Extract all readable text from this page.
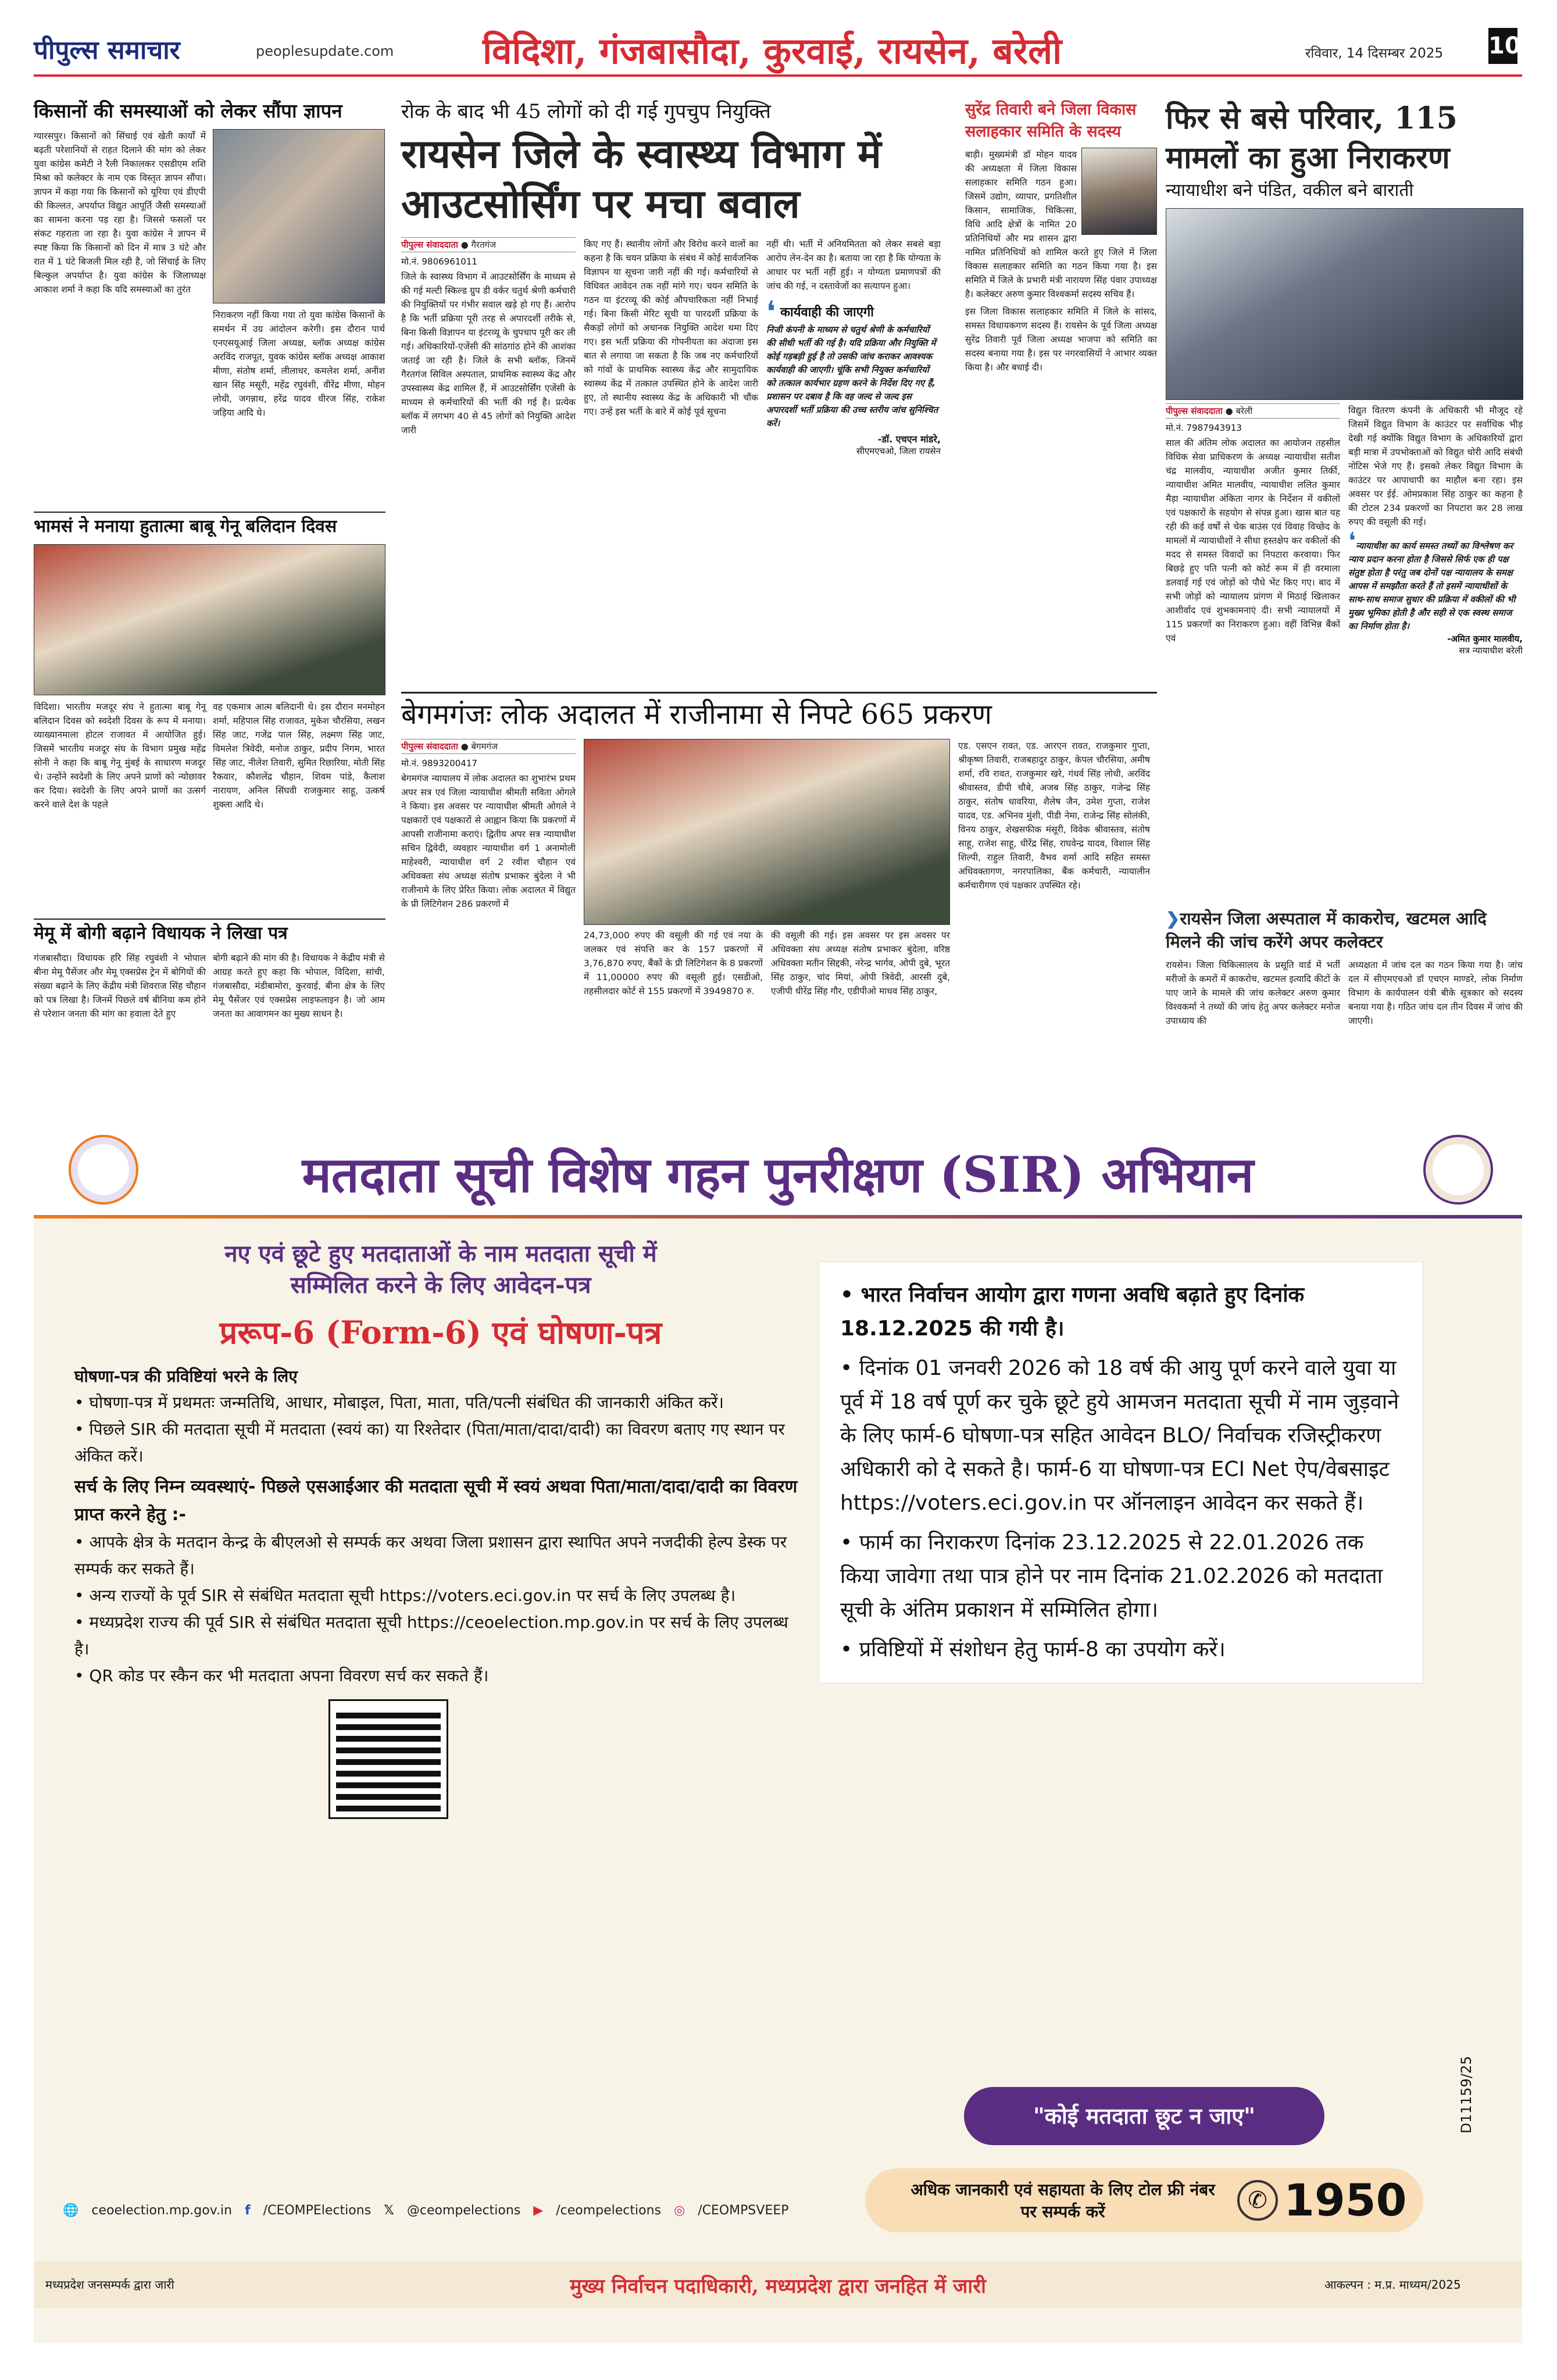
पीपुल्स समाचार	peoplesupdate.com विदिशा, गंजबासौदा, कुरवाई, रायसेन, बरेली	रविवार, 14 दिसम्बर 2025 10
किसानों की समस्याओं को लेकर सौंपा ज्ञापन
ग्यारसपुर। किसानों को सिंचाई एवं खेती कार्यों में बढ़ती परेशानियों से राहत दिलाने की मांग को लेकर युवा कांग्रेस कमेटी ने रैली निकालकर एसडीएम शशि मिश्रा को कलेक्टर के नाम एक विस्तृत ज्ञापन सौंपा। ज्ञापन में कहा गया कि किसानों को यूरिया एवं डीएपी की किल्लत, अपर्याप्त विद्युत आपूर्ति जैसी समस्याओं का सामना करना पड़ रहा है। जिससे फसलों पर संकट गहराता जा रहा है। युवा कांग्रेस ने ज्ञापन में स्पष्ट किया कि किसानों को दिन में मात्र 3 घंटे और रात में 1 घंटे बिजली मिल रही है, जो सिंचाई के लिए बिल्कुल अपर्याप्त है। युवा कांग्रेस के जिलाध्यक्ष आकाश शर्मा ने कहा कि यदि समस्याओं का तुरंत
निराकरण नहीं किया गया तो युवा कांग्रेस किसानों के समर्थन में उग्र आंदोलन करेगी। इस दौरान पार्थ एनएसयूआई जिला अध्यक्ष, ब्लॉक अध्यक्ष कांग्रेस अरविंद राजपूत, युवक कांग्रेस ब्लॉक अध्यक्ष आकाश मीणा, संतोष शर्मा, लीलाधर, कमलेश शर्मा, अनीश खान सिंह मसूरी, महेंद्र रघुवंशी, वीरेंद्र मीणा, मोहन लोधी, जगन्नाथ, हरेंद्र यादव धीरज सिंह, राकेश जड़िया आदि थे।
भामसं ने मनाया हुतात्मा बाबू गेनू बलिदान दिवस
विदिशा। भारतीय मजदूर संघ ने हुतात्मा बाबू गेनू बलिदान दिवस को स्वदेशी दिवस के रूप में मनाया। व्याख्यानमाला होटल राजावत में आयोजित हुई। जिसमें भारतीय मजदूर संघ के विभाग प्रमुख महेंद्र सोनी ने कहा कि बाबू गेनू मुंबई के साधारण मजदूर थे। उन्होंने स्वदेशी के लिए अपने प्राणों को न्योछावर कर दिया। स्वदेशी के लिए अपने प्राणों का उत्सर्ग करने वाले देश के पहले
वह एकमात्र आत्म बलिदानी थे। इस दौरान मनमोहन शर्मा, महिपाल सिंह राजावत, मुकेश चौरसिया, लखन सिंह जाट, गजेंद्र पाल सिंह, लक्ष्मण सिंह जाट, विमलेश त्रिवेदी, मनोज ठाकुर, प्रदीप निगम, भारत सिंह जाट, नीलेश तिवारी, सुमित रिछारिया, मोती सिंह रैकवार, कौशलेंद्र चौहान, शिवम पांडे, कैलाश नारायण, अनिल सिंघवी राजकुमार साहू, उत्कर्ष शुक्ला आदि थे।
मेमू में बोगी बढ़ाने विधायक ने लिखा पत्र
गंजबासौदा। विधायक हरि सिंह रघुवंशी ने भोपाल बीना मेमू पैसेंजर और मेमू एक्सप्रेस ट्रेन में बोगियों की संख्या बढ़ाने के लिए केंद्रीय मंत्री शिवराज सिंह चौहान को पत्र लिखा है। जिनमें पिछले वर्ष बीनिया कम होने से परेशान जनता की मांग का हवाला देते हुए
बोगी बढ़ाने की मांग की है। विधायक ने केंद्रीय मंत्री से आग्रह करते हुए कहा कि भोपाल, विदिशा, सांची, गंजबासौदा, मंडीबामोरा, कुरवाई, बीना क्षेत्र के लिए मेमू पैसेंजर एवं एक्सप्रेस लाइफलाइन है। जो आम जनता का आवागमन का मुख्य साधन है।
रोक के बाद भी 45 लोगों को दी गई गुपचुप नियुक्ति
रायसेन जिले के स्वास्थ्य विभाग में आउटसोर्सिंग पर मचा बवाल
पीपुल्स संवाददाता ● गैरतगंज
मो.नं. 9806961011
जिले के स्वास्थ्य विभाग में आउटसोर्सिंग के माध्यम से की गई मल्टी स्किल्ड ग्रुप डी वर्कर चतुर्थ श्रेणी कर्मचारी की नियुक्तियों पर गंभीर सवाल खड़े हो गए हैं। आरोप है कि भर्ती प्रक्रिया पूरी तरह से अपारदर्शी तरीके से, बिना किसी विज्ञापन या इंटरव्यू के चुपचाप पूरी कर ली गई। अधिकारियों-एजेंसी की सांठगांठ होने की आशंका जताई जा रही है। जिले के सभी ब्लॉक, जिनमें गैरतगंज सिविल अस्पताल, प्राथमिक स्वास्थ्य केंद्र और उपस्वास्थ्य केंद्र शामिल हैं, में आउटसोर्सिंग एजेंसी के माध्यम से कर्मचारियों की भर्ती की गई है। प्रत्येक ब्लॉक में लगभग 40 से 45 लोगों को नियुक्ति आदेश जारी
किए गए हैं। स्थानीय लोगों और विरोध करने वालों का कहना है कि चयन प्रक्रिया के संबंध में कोई सार्वजनिक विज्ञापन या सूचना जारी नहीं की गई। कर्मचारियों से विधिवत आवेदन तक नहीं मांगे गए। चयन समिति के गठन या इंटरव्यू की कोई औपचारिकता नहीं निभाई गई। बिना किसी मेरिट सूची या पारदर्शी प्रक्रिया के सैकड़ों लोगों को अचानक नियुक्ति आदेश थमा दिए गए। इस भर्ती प्रक्रिया की गोपनीयता का अंदाजा इस बात से लगाया जा सकता है कि जब नए कर्मचारियों को गांवों के प्राथमिक स्वास्थ्य केंद्र और सामुदायिक स्वास्थ्य केंद्र में तत्काल उपस्थित होने के आदेश जारी हुए, तो स्थानीय स्वास्थ्य केंद्र के अधिकारी भी चौंक गए। उन्हें इस भर्ती के बारे में कोई पूर्व सूचना
नहीं थी। भर्ती में अनियमितता को लेकर सबसे बड़ा आरोप लेन-देन का है। बताया जा रहा है कि योग्यता के आधार पर भर्ती नहीं हुई। न योग्यता प्रमाणपत्रों की जांच की गई, न दस्तावेजों का सत्यापन हुआ।
❛ कार्यवाही की जाएगी
निजी कंपनी के माध्यम से चतुर्थ श्रेणी के कर्मचारियों की सीधी भर्ती की गई है। यदि प्रक्रिया और नियुक्ति में कोई गड़बड़ी हुई है तो उसकी जांच कराकर आवश्यक कार्यवाही की जाएगी। चूंकि सभी नियुक्त कर्मचारियों को तत्काल कार्यभार ग्रहण करने के निर्देश दिए गए हैं, प्रशासन पर दबाव है कि वह जल्द से जल्द इस अपारदर्शी भर्ती प्रक्रिया की उच्च स्तरीय जांच सुनिश्चित करें।
-डॉ. एचएन मांडरे,
सीएमएचओ, जिला रायसेन
सुरेंद्र तिवारी बने जिला विकास सलाहकार समिति के सदस्य
बाड़ी। मुख्यमंत्री डॉ मोहन यादव की अध्यक्षता में जिला विकास सलाहकार समिति गठन हुआ। जिसमें उद्योग, व्यापार, प्रगतिशील किसान, सामाजिक, चिकित्सा, विधि आदि क्षेत्रों के नामित 20 प्रतिनिधियों और मप्र शासन द्वारा नामित प्रतिनिधियों को शामिल करते हुए जिले में जिला विकास सलाहकार समिति का गठन किया गया है। इस समिति में जिले के प्रभारी मंत्री नारायण सिंह पंवार उपाध्यक्ष है। कलेक्टर अरुण कुमार विश्वकर्मा सदस्य सचिव हैं।
इस जिला विकास सलाहकार समिति में जिले के सांसद, समस्त विधायकगण सदस्य हैं। रायसेन के पूर्व जिला अध्यक्ष सुरेंद्र तिवारी पूर्व जिला अध्यक्ष भाजपा को समिति का सदस्य बनाया गया है। इस पर नगरवासियों ने आभार व्यक्त किया है। और बधाई दी।
फिर से बसे परिवार, 115 मामलों का हुआ निराकरण
न्यायाधीश बने पंडित, वकील बने बाराती
पीपुल्स संवाददाता ● बरेली
मो.नं. 7987943913
साल की अंतिम लोक अदालत का आयोजन तहसील विधिक सेवा प्राधिकरण के अध्यक्ष न्यायाधीश सतीश चंद्र मालवीय, न्यायाधीश अजीत कुमार तिर्की, न्यायाधीश अमित मालवीय, न्यायाधीश ललित कुमार मैड़ा न्यायाधीश अंकिता नागर के निर्देशन में वकीलों एवं पक्षकारों के सहयोग से संपन्न हुआ। खास बात यह रही की कई वर्षों से चेक बाउंस एवं विवाह विच्छेद के मामलों में न्यायाधीशों ने सीधा हस्तक्षेप कर वकीलों की मदद से समस्त विवादों का निपटारा करवाया। फिर बिछड़े हुए पति पत्नी को कोर्ट रूम में ही वरमाला डलवाई गई एवं जोड़ों को पौधे भेंट किए गए। बाद में सभी जोड़ों को न्यायालय प्रांगण में मिठाई खिलाकर आशीर्वाद एवं शुभकामनाएं दी। सभी न्यायालयों में 115 प्रकरणों का निराकरण हुआ। वहीं विभिन्न बैंकों एवं
विद्युत वितरण कंपनी के अधिकारी भी मौजूद रहे जिसमें विद्युत विभाग के काउंटर पर सर्वाधिक भीड़ देखी गई क्योंकि विद्युत विभाग के अधिकारियों द्वारा बड़ी मात्रा में उपभोक्ताओं को विद्युत चोरी आदि संबंधी नोटिस भेजे गए हैं। इसको लेकर विद्युत विभाग के काउंटर पर आपाधापी का माहौल बना रहा। इस अवसर पर ईई. ओमप्रकाश सिंह ठाकुर का कहना है की टोटल 234 प्रकरणों का निपटारा कर 28 लाख रुपए की वसूली की गई।
❛न्यायाधीश का कार्य समस्त तथ्यों का विश्लेषण कर न्याय प्रदान करना होता है जिससे सिर्फ एक ही पक्ष संतुष्ट होता है परंतु जब दोनों पक्ष न्यायालय के समक्ष आपस में समझौता करते हैं तो इसमें न्यायाधीशों के साथ-साथ समाज सुधार की प्रक्रिया में वकीलों की भी मुख्य भूमिका होती है और सही से एक स्वस्थ समाज का निर्माण होता है।
-अमित कुमार मालवीय,
सत्र न्यायाधीश बरेली
बेगमगंजः लोक अदालत में राजीनामा से निपटे 665 प्रकरण
पीपुल्स संवाददाता ● बेगमगंज
मो.नं. 9893200417
बेगमगंज न्यायालय में लोक अदालत का शुभारंभ प्रथम अपर सत्र एवं जिला न्यायाधीश श्रीमती सविता ओगले ने किया। इस अवसर पर न्यायाधीश श्रीमती ओगले ने पक्षकारों एवं पक्षकारों से आह्वान किया कि प्रकरणों में आपसी राजीनामा कराएं। द्वितीय अपर सत्र न्यायाधीश सचिन द्विवेदी, व्यवहार न्यायाधीश वर्ग 1 अनामोली माहेश्वरी, न्यायाधीश वर्ग 2 रवीश चौहान एवं अधिवक्ता संघ अध्यक्ष संतोष प्रभाकर बुंदेला ने भी राजीनामे के लिए प्रेरित किया। लोक अदालत में विद्युत के प्री लिटिगेशन 286 प्रकरणों में
24,73,000 रुपए की वसूली की गई एवं नया के जलकर एवं संपत्ति कर के 157 प्रकरणों में 3,76,870 रुपए, बैंकों के प्री लिटिगेशन के 8 प्रकरणों में 11,00000 रुपए की वसूली हुई। एसडीओ, तहसीलदार कोर्ट से 155 प्रकरणों में 3949870 रु.
की वसूली की गई। इस अवसर पर इस अवसर पर अधिवक्ता संघ अध्यक्ष संतोष प्रभाकर बुंदेला, वरिष्ठ अधिवक्ता मतीन सिद्दकी, नरेन्द्र भार्गव, ओपी दुबे, भूरत सिंह ठाकुर, चांद मियां, ओपी त्रिवेदी, आरसी दुबे, एजीपी धीरेंद्र सिंह गौर, एडीपीओ माधव सिंह ठाकुर,
एड. एसएन रावत, एड. आरएन रावत, राजकुमार गुप्ता, श्रीकृष्ण तिवारी, राजबहादुर ठाकुर, केपल चौरसिया, अमीष शर्मा, रवि रावत, राजकुमार खरे, गंधर्व सिंह लोधी, अरविंद श्रीवास्तव, डीपी चौबे, अजब सिंह ठाकुर, गजेन्द्र सिंह ठाकुर, संतोष धावरिया, शैलेष जैन, उमेश गुप्ता, राजेश यादव, एड. अभिनव मुंशी, पीडी नेमा, राजेन्द्र सिंह सोलंकी, विनय ठाकुर, शेखसफीक मंसूरी, विवेक श्रीवास्तव, संतोष साहू, राजेश साहू, धीरेंद्र सिंह, राघवेन्द्र यादव, विशाल सिंह शिल्पी, राहुल तिवारी, वैभव शर्मा आदि सहित समस्त अधिवक्तागण, नगरपालिका, बैंक कर्मचारी, न्यायालीन कर्मचारीगण एवं पक्षकार उपस्थित रहे।
❯रायसेन जिला अस्पताल में काकरोच, खटमल आदि मिलने की जांच करेंगे अपर कलेक्टर
रायसेन। जिला चिकित्सालय के प्रसूति वार्ड में भर्ती मरीजों के कमरों में काकरोच, खटमल इत्यादि कीटों के पाए जाने के मामले की जांच कलेक्टर अरुण कुमार विश्वकर्मा ने तथ्यों की जांच हेतु अपर कलेक्टर मनोज उपाध्याय की
अध्यक्षता में जांच दल का गठन किया गया है। जांच दल में सीएमएचओ डॉ एचएन माण्डरे, लोक निर्माण विभाग के कार्यपालन यंत्री बीके सूत्रकार को सदस्य बनाया गया है। गठित जांच दल तीन दिवस में जांच की जाएगी।
मतदाता सूची विशेष गहन पुनरीक्षण (SIR) अभियान
नए एवं छूटे हुए मतदाताओं के नाम मतदाता सूची में
सम्मिलित करने के लिए आवेदन-पत्र
प्ररूप-6 (Form-6) एवं घोषणा-पत्र
घोषणा-पत्र की प्रविष्टियां भरने के लिए
• घोषणा-पत्र में प्रथमतः जन्मतिथि, आधार, मोबाइल, पिता, माता, पति/पत्नी संबंधित की जानकारी अंकित करें।
• पिछले SIR की मतदाता सूची में मतदाता (स्वयं का) या रिश्तेदार (पिता/माता/दादा/दादी) का विवरण बताए गए स्थान पर अंकित करें।
सर्च के लिए निम्न व्यवस्थाएं- पिछले एसआईआर की मतदाता सूची में स्वयं अथवा पिता/माता/दादा/दादी का विवरण प्राप्त करने हेतु :-
• आपके क्षेत्र के मतदान केन्द्र के बीएलओ से सम्पर्क कर अथवा जिला प्रशासन द्वारा स्थापित अपने नजदीकी हेल्प डेस्क पर सम्पर्क कर सकते हैं।
• अन्य राज्यों के पूर्व SIR से संबंधित मतदाता सूची https://voters.eci.gov.in पर सर्च के लिए उपलब्ध है।
• मध्यप्रदेश राज्य की पूर्व SIR से संबंधित मतदाता सूची https://ceoelection.mp.gov.in पर सर्च के लिए उपलब्ध है।
• QR कोड पर स्कैन कर भी मतदाता अपना विवरण सर्च कर सकते हैं।
• भारत निर्वाचन आयोग द्वारा गणना अवधि बढ़ाते हुए दिनांक 18.12.2025 की गयी है।
• दिनांक 01 जनवरी 2026 को 18 वर्ष की आयु पूर्ण करने वाले युवा या पूर्व में 18 वर्ष पूर्ण कर चुके छूटे हुये आमजन मतदाता सूची में नाम जुड़वाने के लिए फार्म-6 घोषणा-पत्र सहित आवेदन BLO/ निर्वाचक रजिस्ट्रीकरण अधिकारी को दे सकते है। फार्म-6 या घोषणा-पत्र ECI Net ऐप/वेबसाइट https://voters.eci.gov.in पर ऑनलाइन आवेदन कर सकते हैं।
• फार्म का निराकरण दिनांक 23.12.2025 से 22.01.2026 तक किया जावेगा तथा पात्र होने पर नाम दिनांक 21.02.2026 को मतदाता सूची के अंतिम प्रकाशन में सम्मिलित होगा।
• प्रविष्टियों में संशोधन हेतु फार्म-8 का उपयोग करें।
"कोई मतदाता छूट न जाए"
अधिक जानकारी एवं सहायता के लिए टोल फ्री नंबर पर सम्पर्क करें	✆ 1950
D11159/25
🌐 ceoelection.mp.gov.in f /CEOMPElections 𝕏 @ceompelections ▶ /ceompelections ◎ /CEOMPSVEEP
मध्यप्रदेश जनसम्पर्क द्वारा जारी	मुख्य निर्वाचन पदाधिकारी, मध्यप्रदेश द्वारा जनहित में जारी	आकल्पन : म.प्र. माध्यम/2025
